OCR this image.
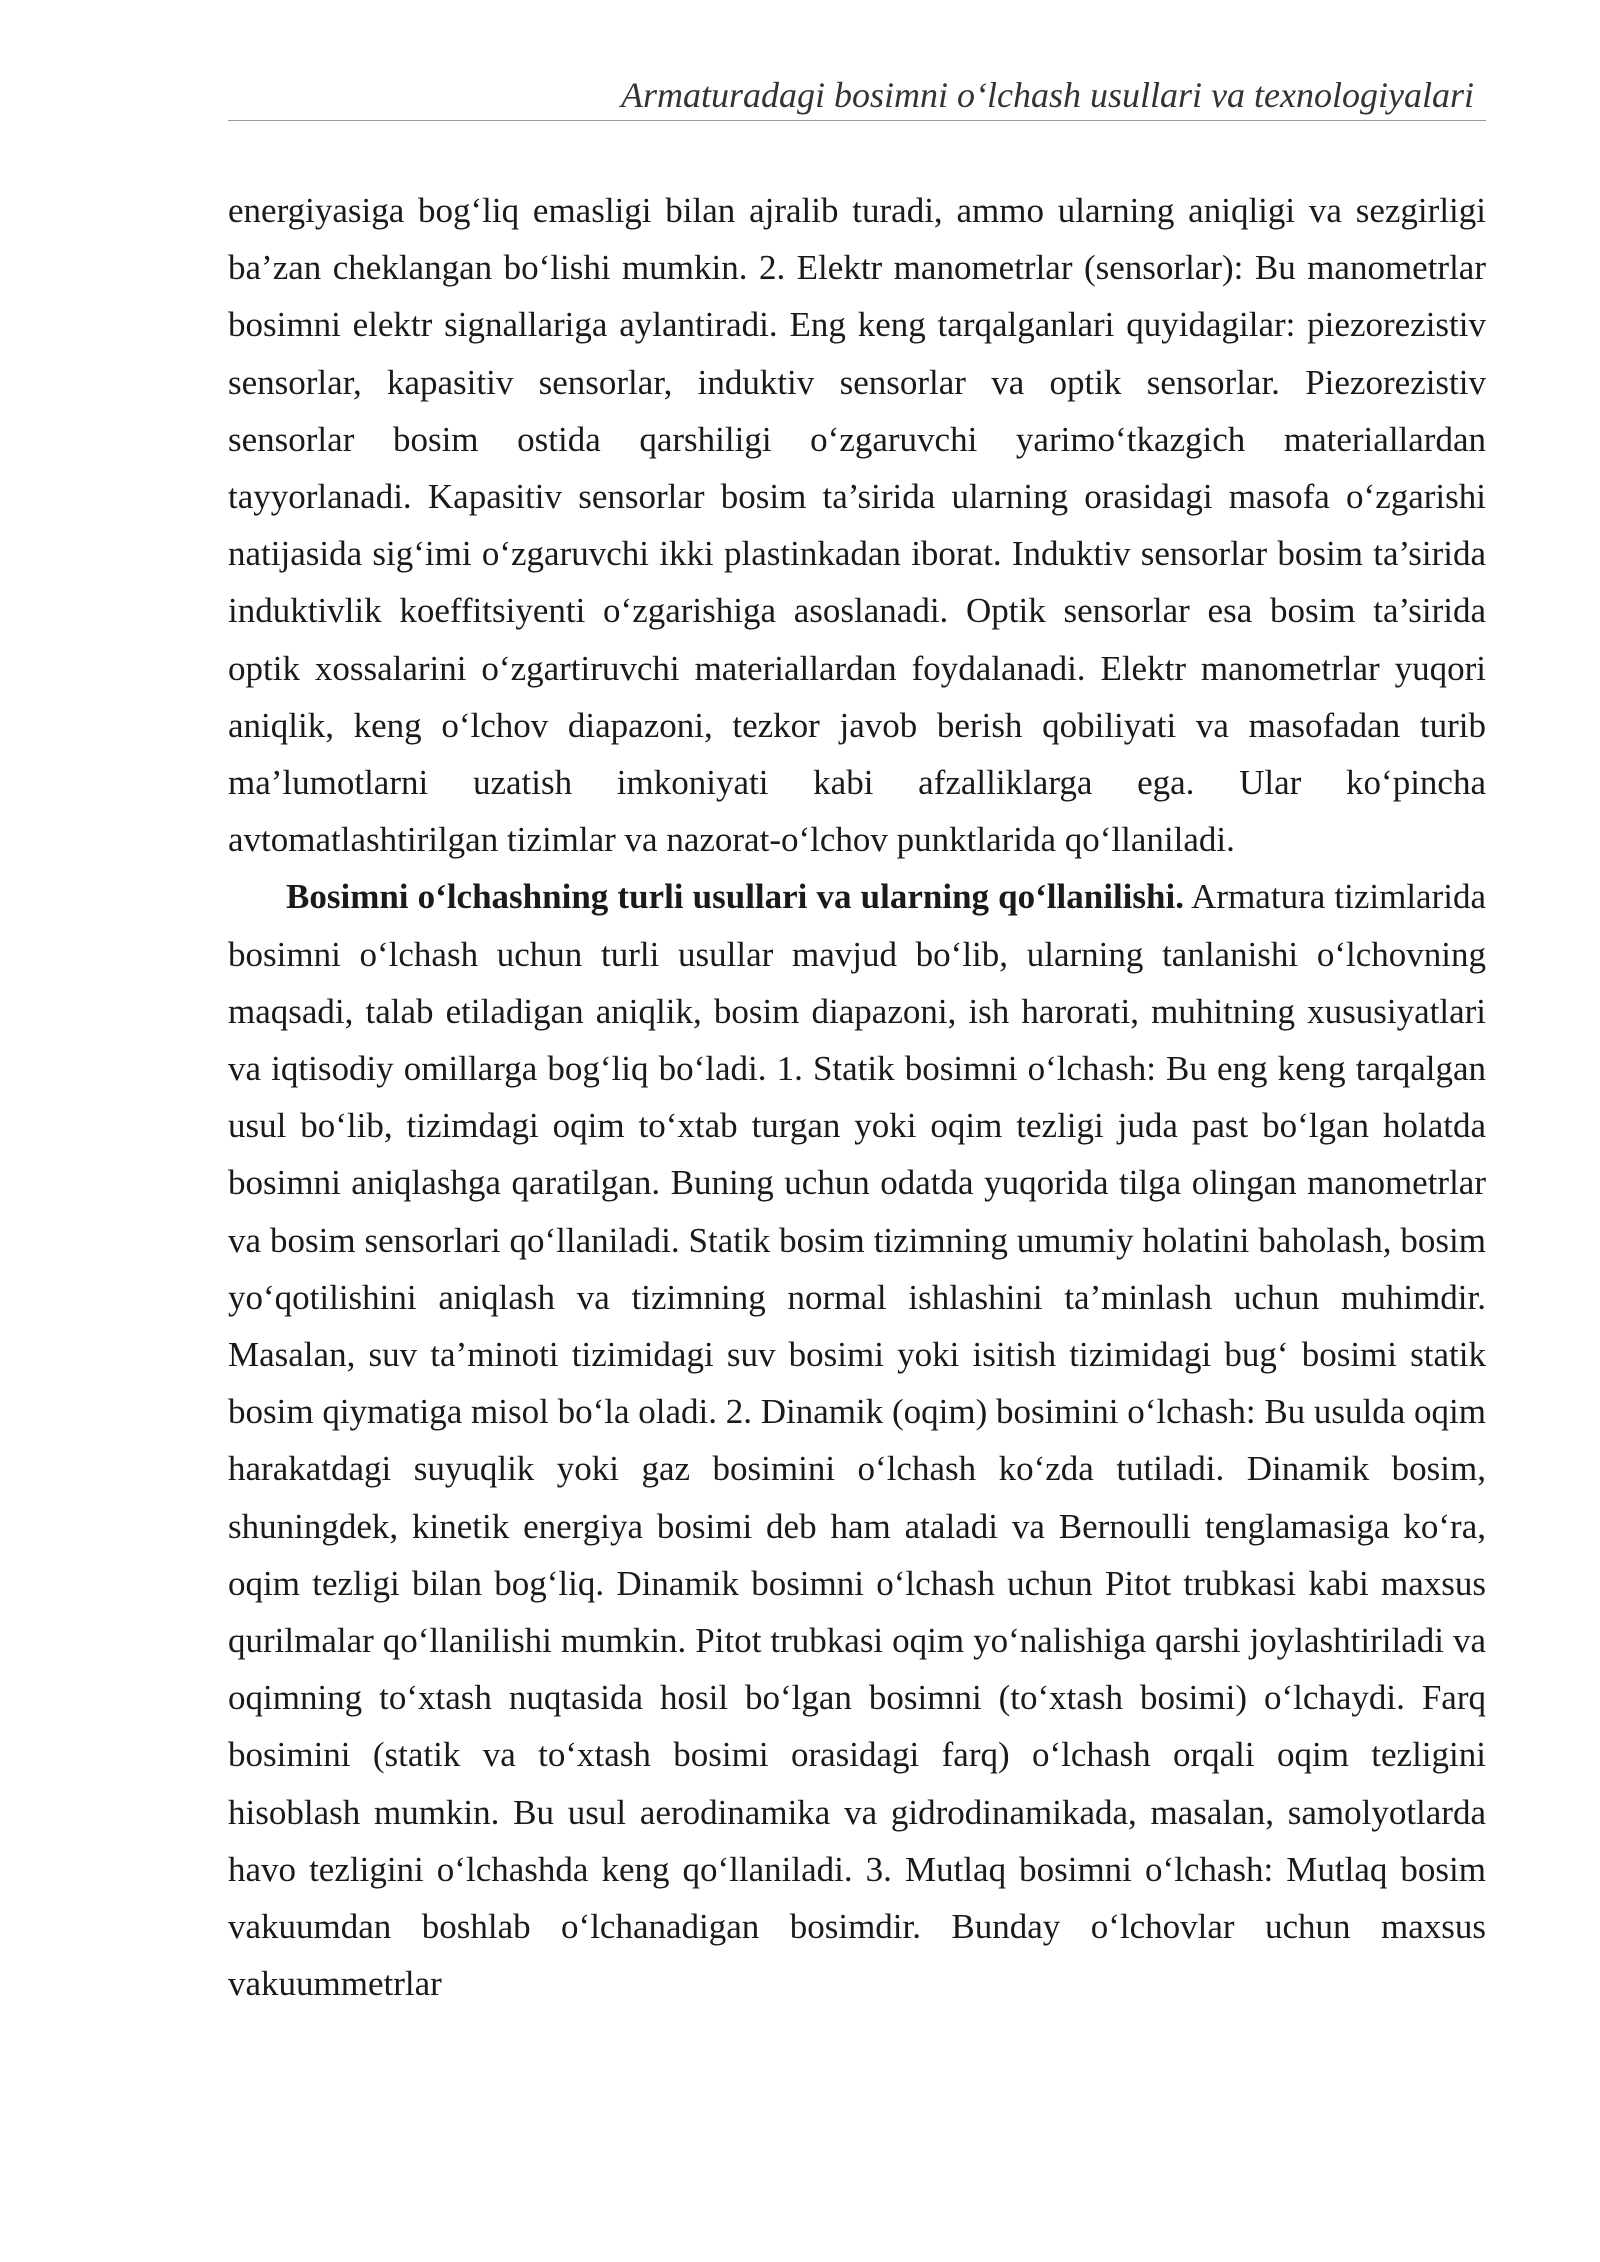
Armaturadagi bosimni o‘lchash usullari va texnologiyalari

energiyasiga bog‘liq emasligi bilan ajralib turadi, ammo ularning aniqligi va sezgirligi ba’zan cheklangan bo‘lishi mumkin. 2. Elektr manometrlar (sensorlar): Bu manometrlar bosimni elektr signallariga aylantiradi. Eng keng tarqalganlari quyidagilar: piezorezistiv sensorlar, kapasitiv sensorlar, induktiv sensorlar va optik sensorlar. Piezorezistiv sensorlar bosim ostida qarshiligi o‘zgaruvchi yarimo‘tkazgich materiallardan tayyorlanadi. Kapasitiv sensorlar bosim ta’sirida ularning orasidagi masofa o‘zgarishi natijasida sig‘imi o‘zgaruvchi ikki plastinkadan iborat. Induktiv sensorlar bosim ta’sirida induktivlik koeffitsiyenti o‘zgarishiga asoslanadi. Optik sensorlar esa bosim ta’sirida optik xossalarini o‘zgartiruvchi materiallardan foydalanadi. Elektr manometrlar yuqori aniqlik, keng o‘lchov diapazoni, tezkor javob berish qobiliyati va masofadan turib ma’lumotlarni uzatish imkoniyati kabi afzalliklarga ega. Ular ko‘pincha avtomatlashtirilgan tizimlar va nazorat-o‘lchov punktlarida qo‘llaniladi.

Bosimni o‘lchashning turli usullari va ularning qo‘llanilishi. Armatura tizimlarida bosimni o‘lchash uchun turli usullar mavjud bo‘lib, ularning tanlanishi o‘lchovning maqsadi, talab etiladigan aniqlik, bosim diapazoni, ish harorati, muhitning xususiyatlari va iqtisodiy omillarga bog‘liq bo‘ladi. 1. Statik bosimni o‘lchash: Bu eng keng tarqalgan usul bo‘lib, tizimdagi oqim to‘xtab turgan yoki oqim tezligi juda past bo‘lgan holatda bosimni aniqlashga qaratilgan. Buning uchun odatda yuqorida tilga olingan manometrlar va bosim sensorlari qo‘llaniladi. Statik bosim tizimning umumiy holatini baholash, bosim yo‘qotilishini aniqlash va tizimning normal ishlashini ta’minlash uchun muhimdir. Masalan, suv ta’minoti tizimidagi suv bosimi yoki isitish tizimidagi bug‘ bosimi statik bosim qiymatiga misol bo‘la oladi. 2. Dinamik (oqim) bosimini o‘lchash: Bu usulda oqim harakatdagi suyuqlik yoki gaz bosimini o‘lchash ko‘zda tutiladi. Dinamik bosim, shuningdek, kinetik energiya bosimi deb ham ataladi va Bernoulli tenglamasiga ko‘ra, oqim tezligi bilan bog‘liq. Dinamik bosimni o‘lchash uchun Pitot trubkasi kabi maxsus qurilmalar qo‘llanilishi mumkin. Pitot trubkasi oqim yo‘nalishiga qarshi joylashtiriladi va oqimning to‘xtash nuqtasida hosil bo‘lgan bosimni (to‘xtash bosimi) o‘lchaydi. Farq bosimini (statik va to‘xtash bosimi orasidagi farq) o‘lchash orqali oqim tezligini hisoblash mumkin. Bu usul aerodinamika va gidrodinamikada, masalan, samolyotlarda havo tezligini o‘lchashda keng qo‘llaniladi. 3. Mutlaq bosimni o‘lchash: Mutlaq bosim vakuumdan boshlab o‘lchanadigan bosimdir. Bunday o‘lchovlar uchun maxsus vakuummetrlar
